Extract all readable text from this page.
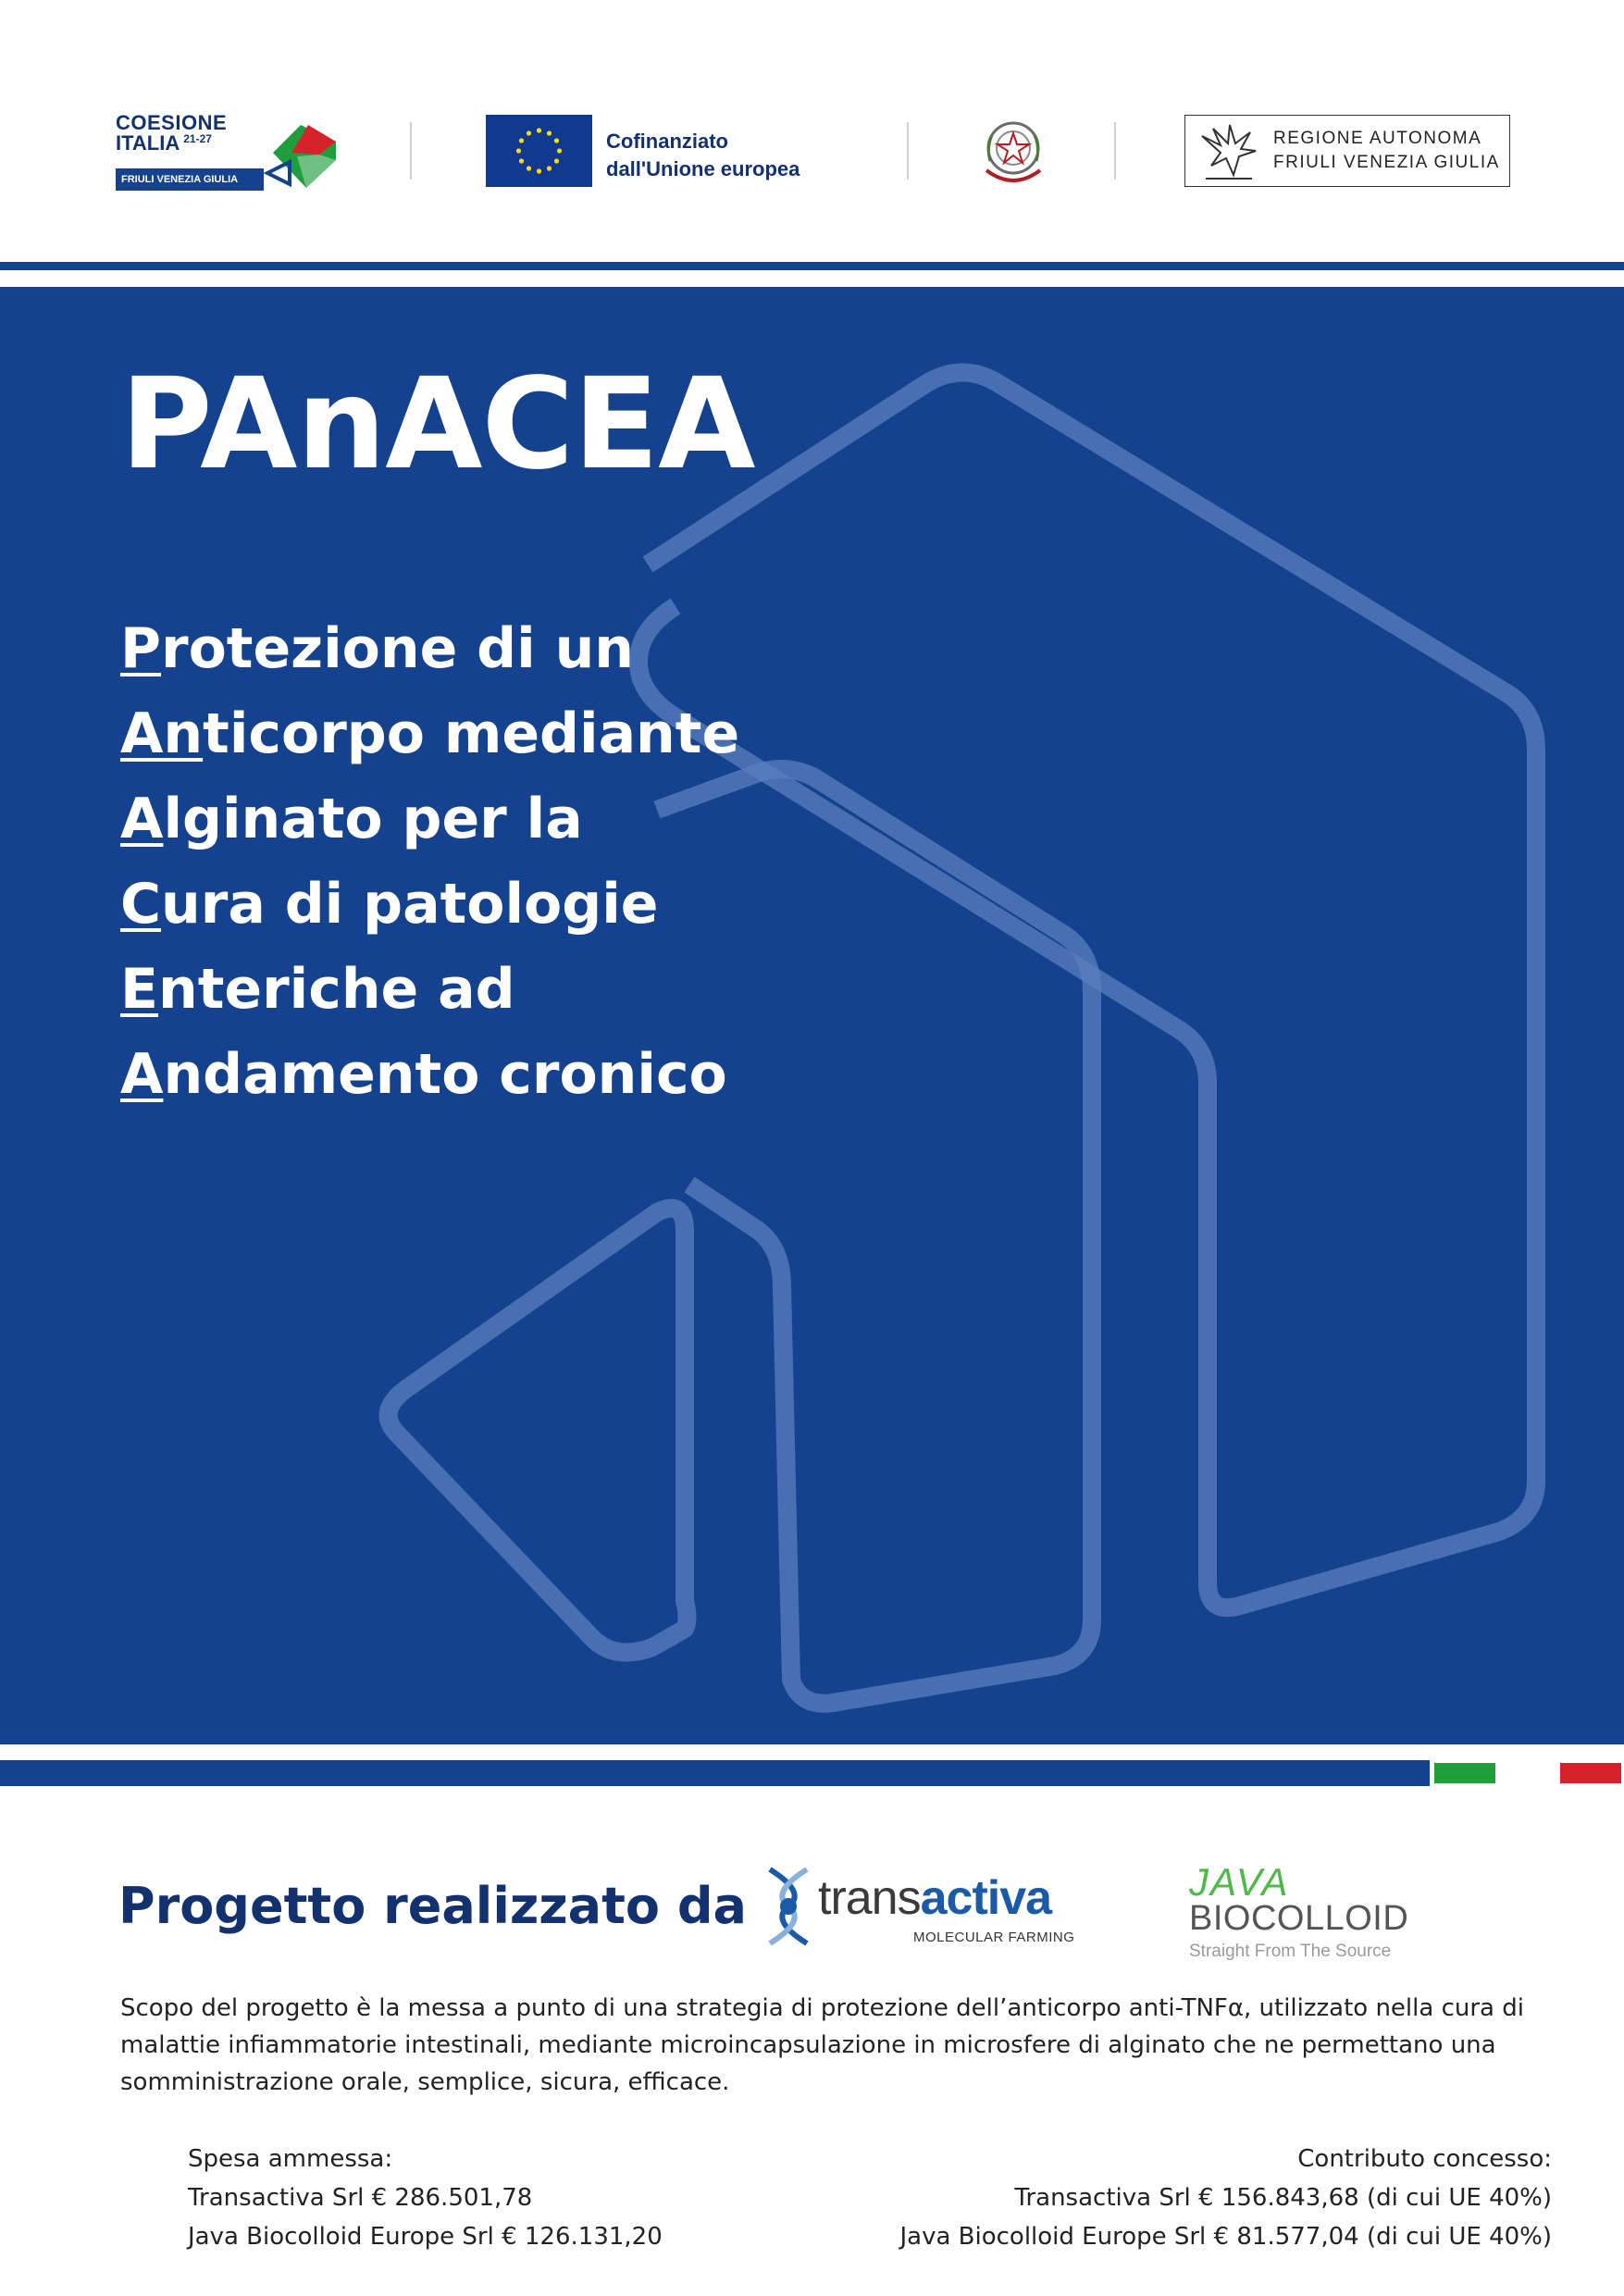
COESIONE
ITALIA $^{21-27}$
FRIULI VENEZIA GIULIA
Cofinanziato
dall'Unione europea
REGIONE AUTONOMA
FRIULI VENEZIA GIULIA
PAnACEA
Protezione di un
Anticorpo mediante
Alginato per la
Cura di patologie
Enteriche ad
Andamento cronico
Progetto realizzato da transactiva
MOLECULAR FARMING
JAVA
BIOCOLLOID
Straight From The Source
Scopo del progetto è la messa a punto di una strategia di protezione dell’anticorpo anti-TNFα, utilizzato nella cura di malattie infiammatorie intestinali, mediante microincapsulazione in microsfere di alginato che ne permettano una somministrazione orale, semplice, sicura, efficace.
Spesa ammessa:
Transactiva Srl € 286.501,78
Java Biocolloid Europe Srl € 126.131,20
Contributo concesso:
Transactiva Srl € 156.843,68 (di cui UE 40%)
Java Biocolloid Europe Srl € 81.577,04 (di cui UE 40%)
